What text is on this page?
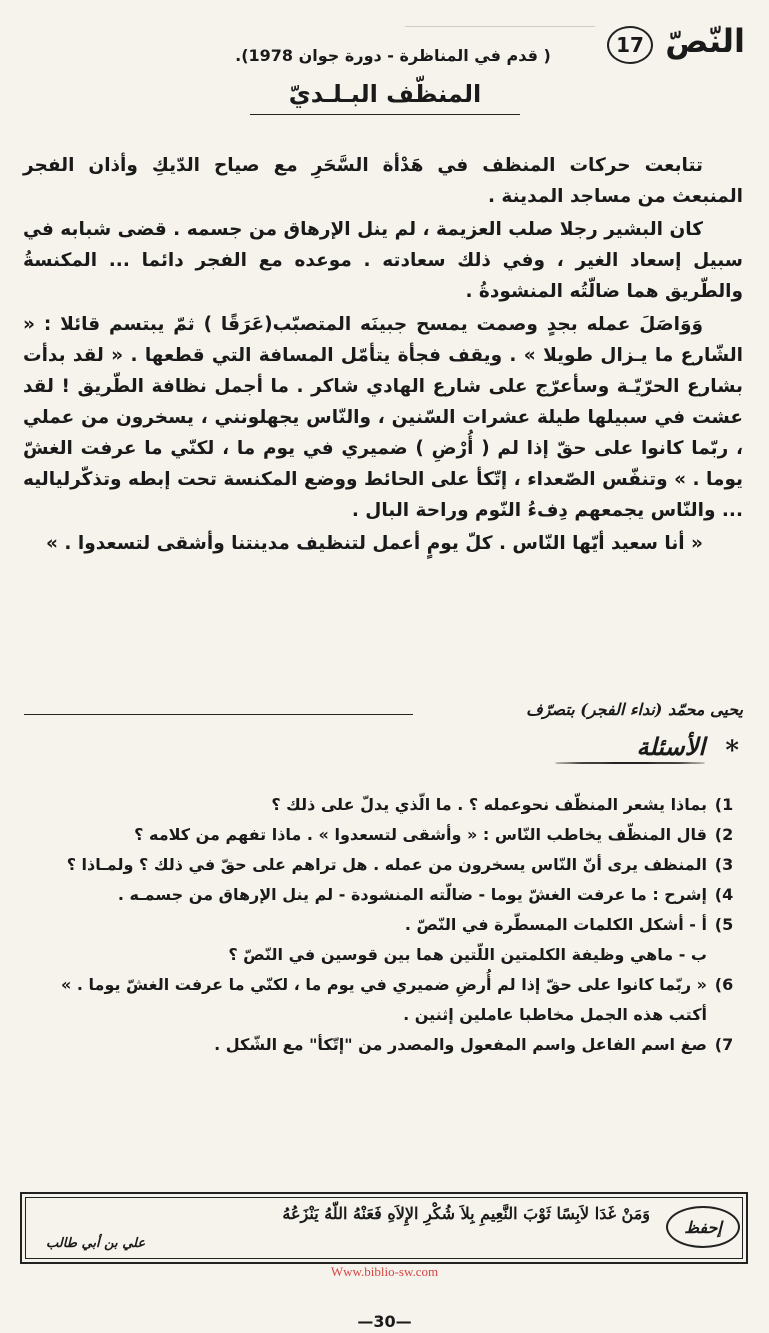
النّصّ
17
( قدم في المناظرة - دورة جوان 1978).
المنظّف البـلـديّ

تتابعت حركات المنظف في هَدْأة السَّحَرِ مع صياح الدّيكِ وأذان الفجر المنبعث من مساجد المدينة .

كان البشير رجلا صلب العزيمة ، لم ينل الإرهاق من جسمه . قضى شبابه في سبيل إسعاد الغير ، وفي ذلك سعادته . موعده مع الفجر دائما ... المكنسةُ والطّريق هما ضالّتُه المنشودةُ .

وَوَاصَلَ عمله بجدٍ وصمت يمسح جبينَه المتصبّب(عَرَقًا ) ثمّ يبتسم قائلا : « الشّارع ما يـزال طويلا » . ويقف فجأة يتأمّل المسافة التي قطعها . « لقد بدأت بشارع الحرّيّـة وسأعرّج على شارع الهادي شاكر . ما أجمل نظافة الطّريق ! لقد عشت في سبيلها طيلة عشرات السّنين ، والنّاس يجهلونني ، يسخرون من عملي ، ربّما كانوا على حقّ إذا لم ( أُرْضِ ) ضميري في يوم ما ، لكنّي ما عرفت الغشّ يوما . » وتنفّس الصّعداء ، إتّكأ على الحائط ووضع المكنسة تحت إبطه وتذكّرلياليه ... والنّاس يجمعهم دِفءُ النّوم وراحة البال .

« أنا سعيد أيّها النّاس . كلّ يومٍ أعمل لتنظيف مدينتنا وأشقى لتسعدوا . »

يحيى محمّد (نداء الفجر) بتصرّف
*
الأسئلة
1)
بماذا يشعر المنظّف نحوعمله ؟ . ما الّذي يدلّ على ذلك ؟
2)
قال المنظّف يخاطب النّاس : « وأشقى لتسعدوا » . ماذا تفهم من كلامه ؟
3)
المنظف يرى أنّ النّاس يسخرون من عمله . هل تراهم على حقّ في ذلك ؟ ولمـاذا ؟
4)
إشرح : ما عرفت الغشّ يوما - ضالّته المنشودة - لم ينل الإرهاق من جسمـه .
5)
أ - أشكل الكلمات المسطّرة في النّصّ .
ب - ماهي وظيفة الكلمتين اللّتين هما بين قوسين في النّصّ ؟
6)
« ربّما كانوا على حقّ إذا لم أُرضِ ضميري في يوم ما ، لكنّي ما عرفت الغشّ يوما . » أكتب هذه الجمل مخاطبا عاملين إثنين .
7)
صغ اسم الفاعل واسم المفعول والمصدر من "إتّكأ" مع الشّكل .
إحفظ
وَمَنْ غَدَا لاَبِسًا ثَوْبَ النَّعِيمِ بِلاَ شُكْرِ الإِلاَهِ فَعَنْهُ اللّهُ يَنْزَعُهُ
علي بن أبي طالب
Www.biblio-sw.com
—30—
